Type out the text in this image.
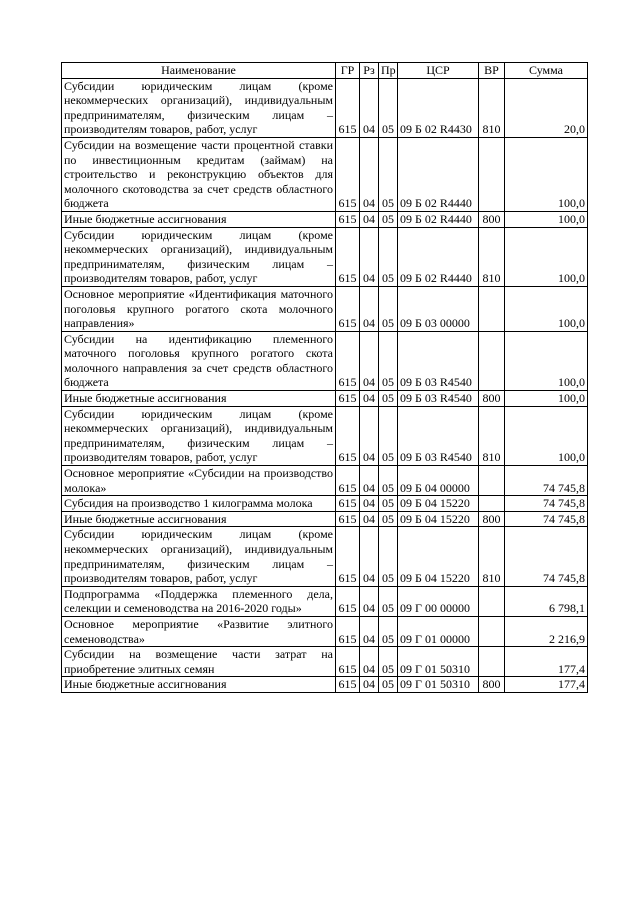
Наименование	ГР	Рз	Пр	ЦСР	ВР	Сумма
Субсидии юридическим лицам (кроме некоммерческих организаций), индивидуальным предпринимателям, физическим лицам – производителям товаров, работ, услуг	615	04	05	09 Б 02 R4430	810	20,0
Субсидии на возмещение части процентной ставки по инвестиционным кредитам (займам) на строительство и реконструкцию объектов для молочного скотоводства за счет средств областного бюджета	615	04	05	09 Б 02 R4440		100,0
Иные бюджетные ассигнования	615	04	05	09 Б 02 R4440	800	100,0
Субсидии юридическим лицам (кроме некоммерческих организаций), индивидуальным предпринимателям, физическим лицам – производителям товаров, работ, услуг	615	04	05	09 Б 02 R4440	810	100,0
Основное мероприятие «Идентификация маточного поголовья крупного рогатого скота молочного направления»	615	04	05	09 Б 03 00000		100,0
Субсидии на идентификацию племенного маточного поголовья крупного рогатого скота молочного направления за счет средств областного бюджета	615	04	05	09 Б 03 R4540		100,0
Иные бюджетные ассигнования	615	04	05	09 Б 03 R4540	800	100,0
Субсидии юридическим лицам (кроме некоммерческих организаций), индивидуальным предпринимателям, физическим лицам – производителям товаров, работ, услуг	615	04	05	09 Б 03 R4540	810	100,0
Основное мероприятие «Субсидии на производство молока»	615	04	05	09 Б 04 00000		74 745,8
Субсидия на производство 1 килограмма молока	615	04	05	09 Б 04 15220		74 745,8
Иные бюджетные ассигнования	615	04	05	09 Б 04 15220	800	74 745,8
Субсидии юридическим лицам (кроме некоммерческих организаций), индивидуальным предпринимателям, физическим лицам – производителям товаров, работ, услуг	615	04	05	09 Б 04 15220	810	74 745,8
Подпрограмма «Поддержка племенного дела, селекции и семеноводства на 2016-2020 годы»	615	04	05	09 Г 00 00000		6 798,1
Основное мероприятие «Развитие элитного семеноводства»	615	04	05	09 Г 01 00000		2 216,9
Субсидии на возмещение части затрат на приобретение элитных семян	615	04	05	09 Г 01 50310		177,4
Иные бюджетные ассигнования	615	04	05	09 Г 01 50310	800	177,4
